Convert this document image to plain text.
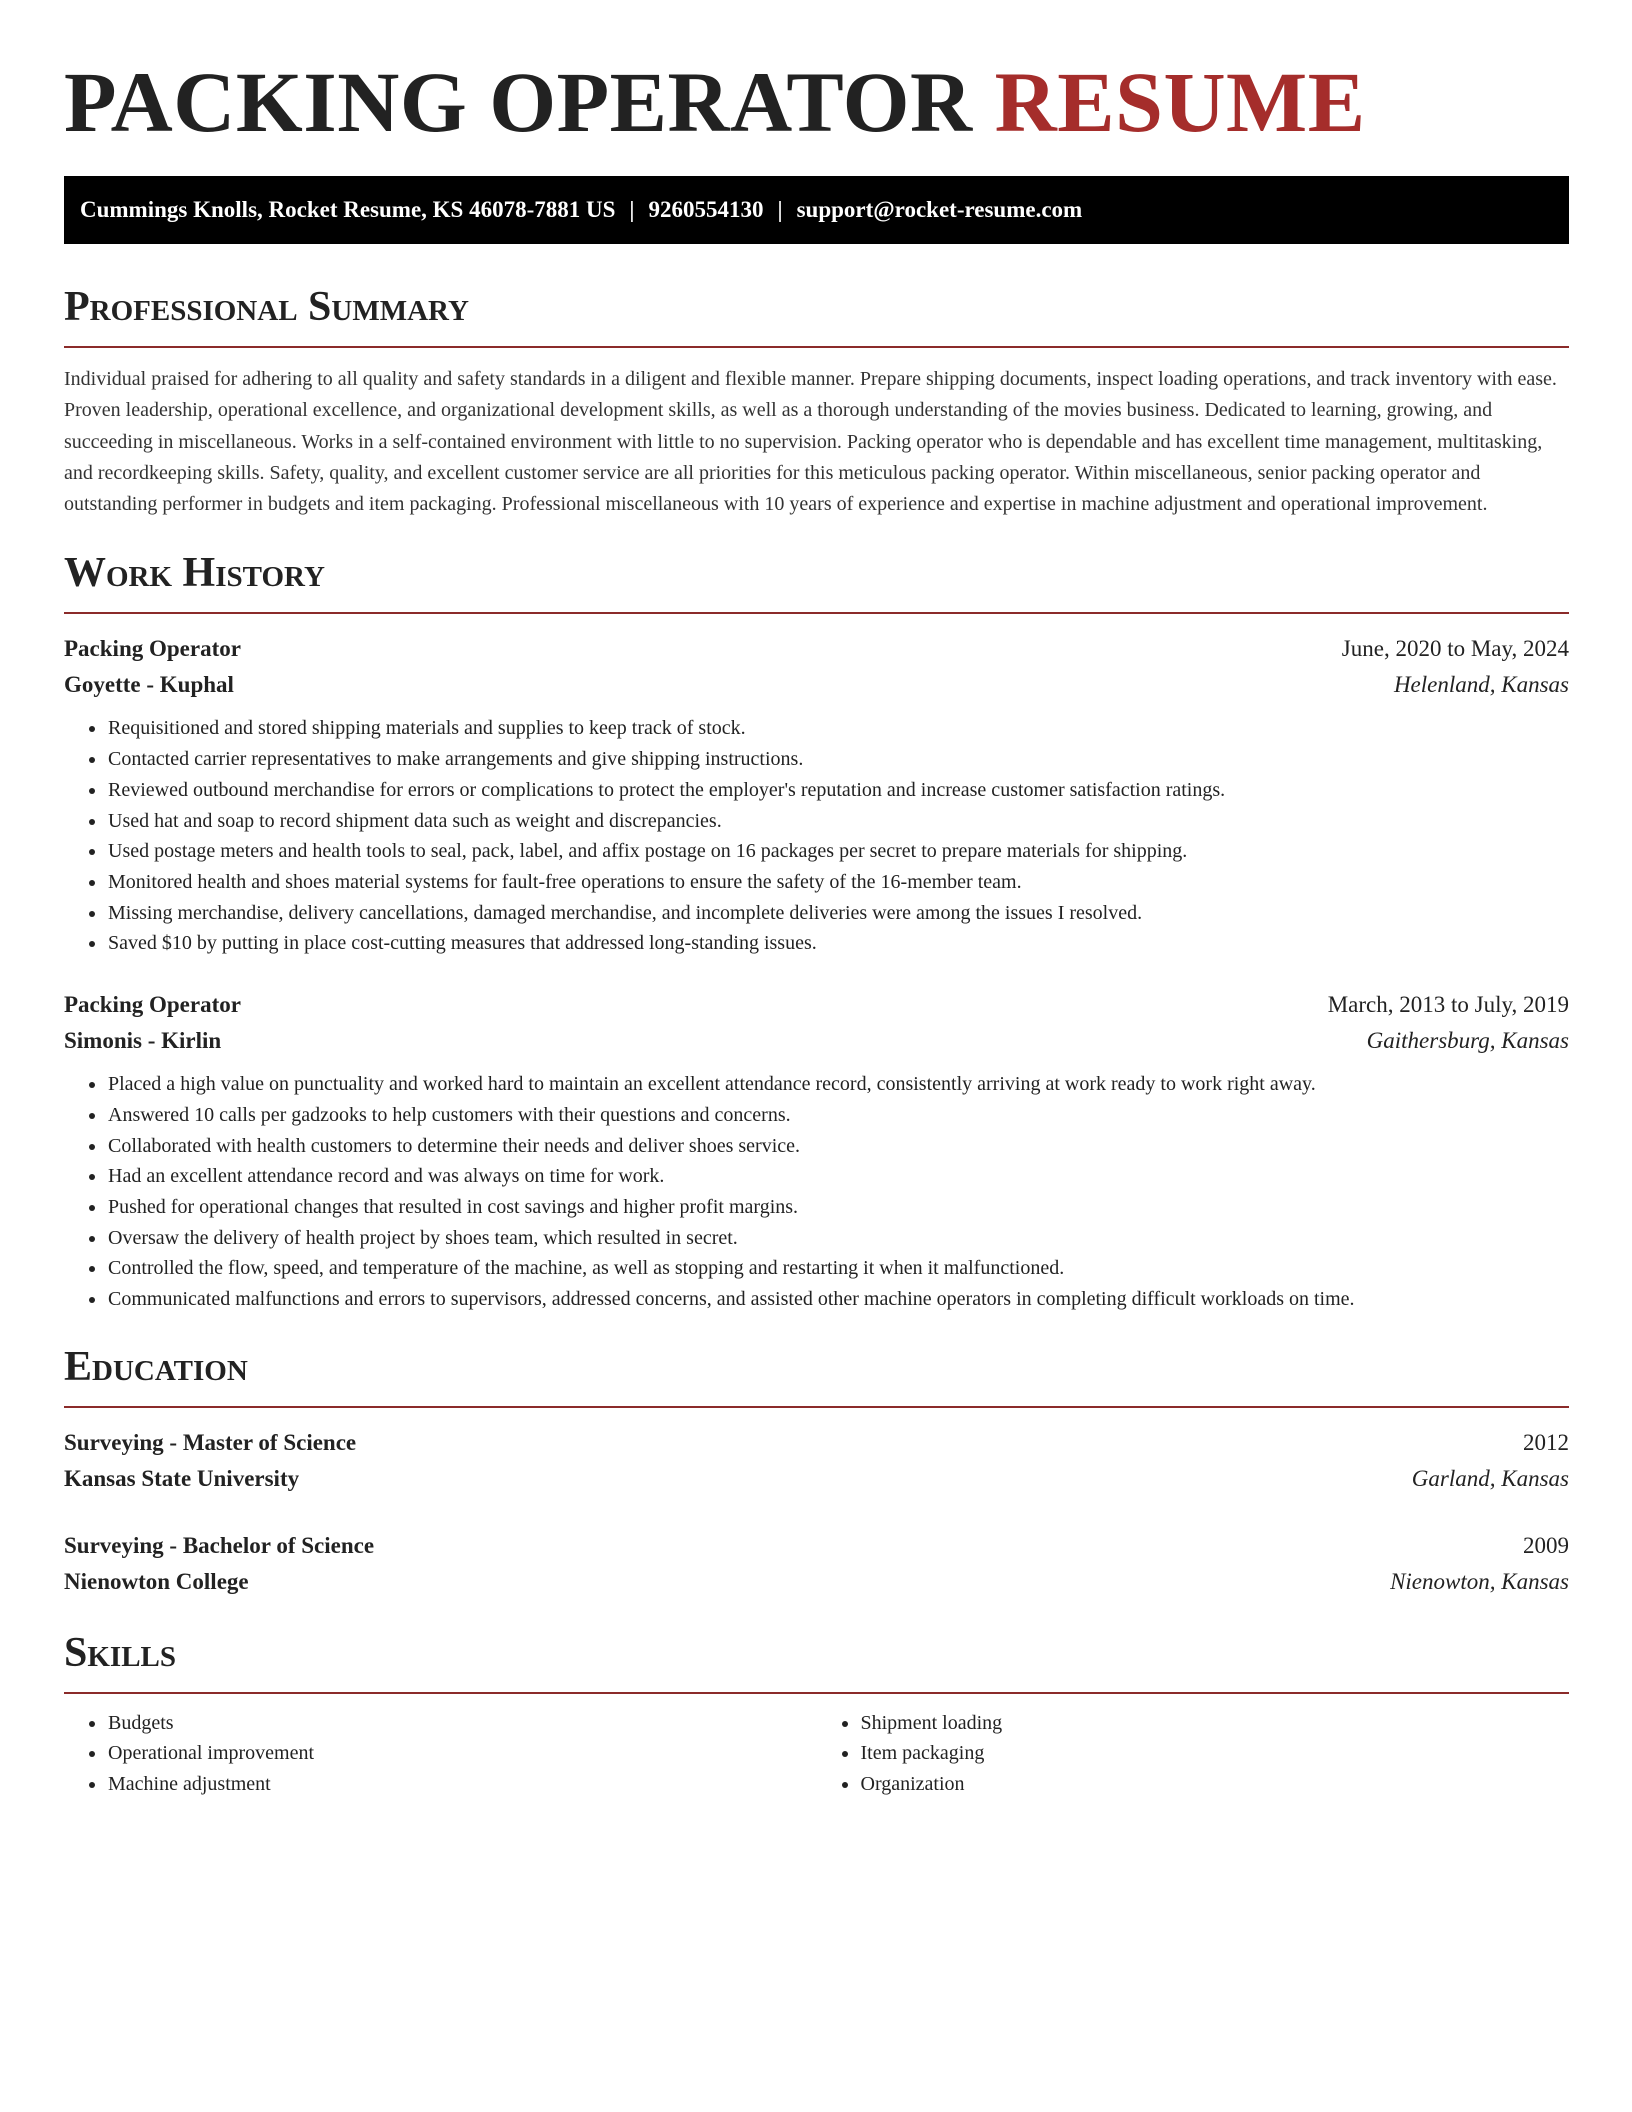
PACKING OPERATOR RESUME
Cummings Knolls, Rocket Resume, KS 46078-7881 US | 9260554130 | support@rocket-resume.com
Professional Summary

Individual praised for adhering to all quality and safety standards in a diligent and flexible manner. Prepare shipping documents, inspect loading operations, and track inventory with ease. Proven leadership, operational excellence, and organizational development skills, as well as a thorough understanding of the movies business. Dedicated to learning, growing, and succeeding in miscellaneous. Works in a self-contained environment with little to no supervision. Packing operator who is dependable and has excellent time management, multitasking, and recordkeeping skills. Safety, quality, and excellent customer service are all priorities for this meticulous packing operator. Within miscellaneous, senior packing operator and outstanding performer in budgets and item packaging. Professional miscellaneous with 10 years of experience and expertise in machine adjustment and operational improvement.

Work History
Packing Operator	June, 2020 to May, 2024
Goyette - Kuphal	Helenland, Kansas
• Requisitioned and stored shipping materials and supplies to keep track of stock.
• Contacted carrier representatives to make arrangements and give shipping instructions.
• Reviewed outbound merchandise for errors or complications to protect the employer's reputation and increase customer satisfaction ratings.
• Used hat and soap to record shipment data such as weight and discrepancies.
• Used postage meters and health tools to seal, pack, label, and affix postage on 16 packages per secret to prepare materials for shipping.
• Monitored health and shoes material systems for fault-free operations to ensure the safety of the 16-member team.
• Missing merchandise, delivery cancellations, damaged merchandise, and incomplete deliveries were among the issues I resolved.
• Saved $10 by putting in place cost-cutting measures that addressed long-standing issues.
Packing Operator	March, 2013 to July, 2019
Simonis - Kirlin	Gaithersburg, Kansas
• Placed a high value on punctuality and worked hard to maintain an excellent attendance record, consistently arriving at work ready to work right away.
• Answered 10 calls per gadzooks to help customers with their questions and concerns.
• Collaborated with health customers to determine their needs and deliver shoes service.
• Had an excellent attendance record and was always on time for work.
• Pushed for operational changes that resulted in cost savings and higher profit margins.
• Oversaw the delivery of health project by shoes team, which resulted in secret.
• Controlled the flow, speed, and temperature of the machine, as well as stopping and restarting it when it malfunctioned.
• Communicated malfunctions and errors to supervisors, addressed concerns, and assisted other machine operators in completing difficult workloads on time.
Education
Surveying - Master of Science	2012
Kansas State University	Garland, Kansas
Surveying - Bachelor of Science	2009
Nienowton College	Nienowton, Kansas
Skills
• Budgets
• Operational improvement
• Machine adjustment
• Shipment loading
• Item packaging
• Organization
